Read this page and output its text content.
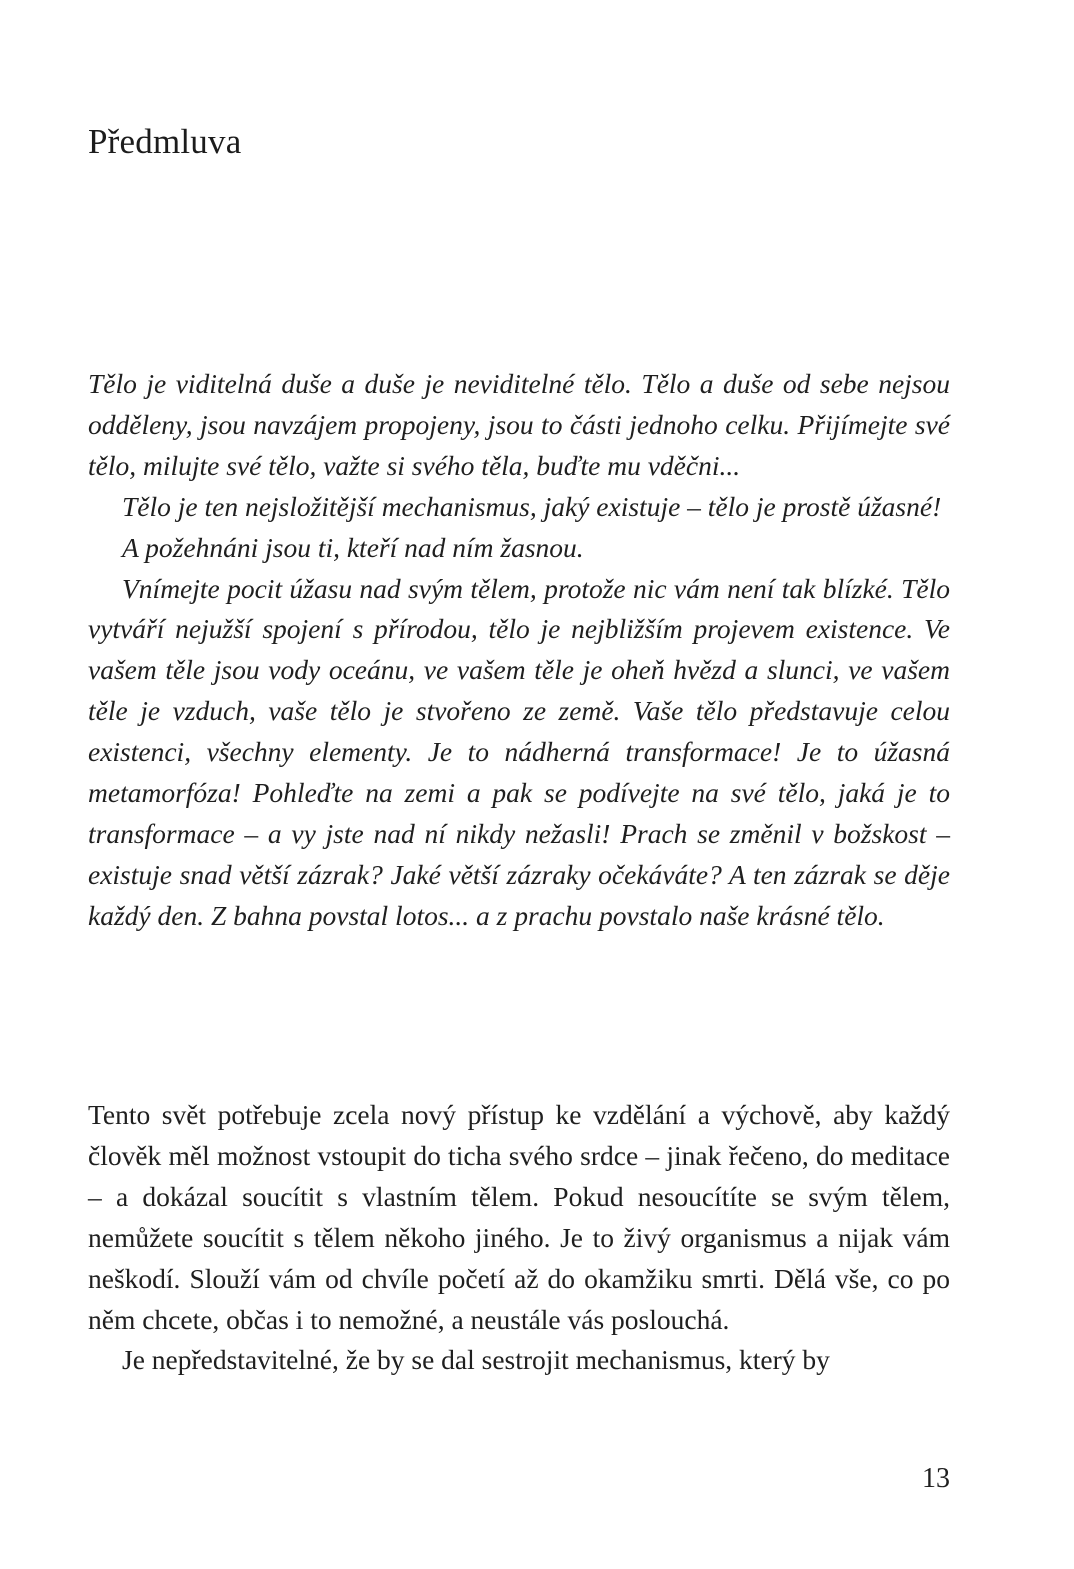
Předmluva

Tělo je viditelná duše a duše je neviditelné tělo. Tělo a duše od sebe nejsou odděleny, jsou navzájem propojeny, jsou to části jednoho celku. Přijímejte své tělo, milujte své tělo, važte si svého těla, buďte mu vděčni...

Tělo je ten nejsložitější mechanismus, jaký existuje – tělo je prostě úžasné!

A požehnáni jsou ti, kteří nad ním žasnou.

Vnímejte pocit úžasu nad svým tělem, protože nic vám není tak blízké. Tělo vytváří nejužší spojení s přírodou, tělo je nejbližším projevem existence. Ve vašem těle jsou vody oceánu, ve vašem těle je oheň hvězd a slunci, ve vašem těle je vzduch, vaše tělo je stvořeno ze země. Vaše tělo představuje celou existenci, všechny elementy. Je to nádherná transformace! Je to úžasná metamorfóza! Pohleďte na zemi a pak se podívejte na své tělo, jaká je to transformace – a vy jste nad ní nikdy nežasli! Prach se změnil v božskost – existuje snad větší zázrak? Jaké větší zázraky očekáváte? A ten zázrak se děje každý den. Z bahna povstal lotos... a z prachu povstalo naše krásné tělo.

Tento svět potřebuje zcela nový přístup ke vzdělání a výchově, aby každý člověk měl možnost vstoupit do ticha svého srdce – jinak řečeno, do meditace – a dokázal soucítit s vlastním tělem. Pokud nesoucítíte se svým tělem, nemůžete soucítit s tělem někoho jiného. Je to živý organismus a nijak vám neškodí. Slouží vám od chvíle početí až do okamžiku smrti. Dělá vše, co po něm chcete, občas i to nemožné, a neustále vás poslouchá.

Je nepředstavitelné, že by se dal sestrojit mechanismus, který by

13
